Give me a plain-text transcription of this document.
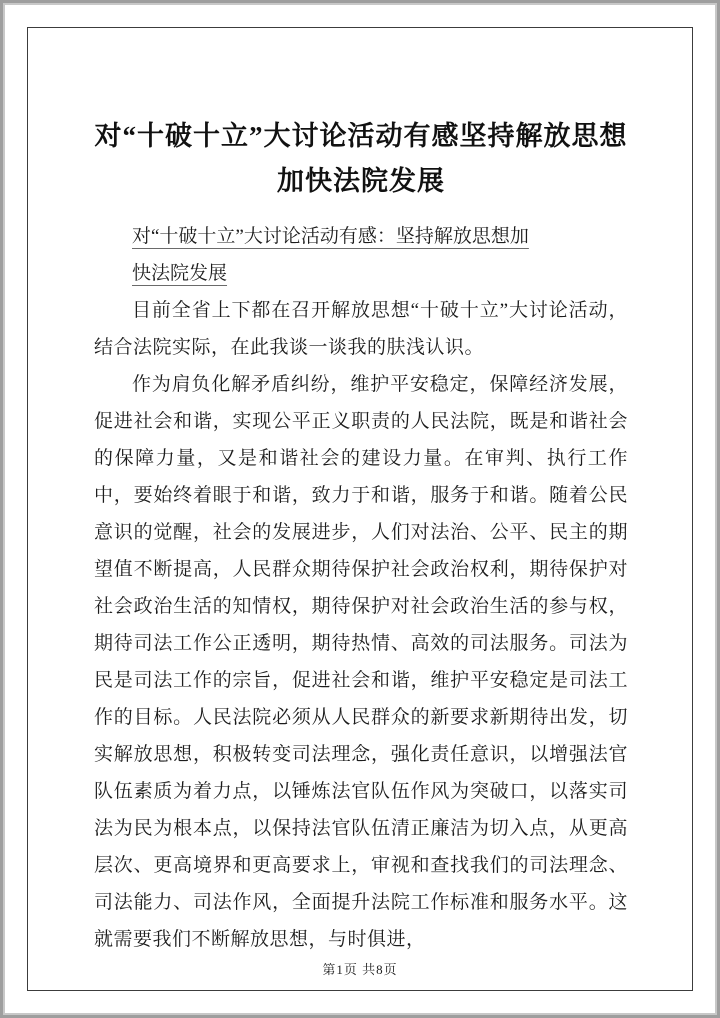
对“十破十立”大讨论活动有感坚持解放思想
加快法院发展
对“十破十立”大讨论活动有感：坚持解放思想加
快法院发展

目前全省上下都在召开解放思想“十破十立”大讨论活动，结合法院实际，在此我谈一谈我的肤浅认识。

作为肩负化解矛盾纠纷，维护平安稳定，保障经济发展，促进社会和谐，实现公平正义职责的人民法院，既是和谐社会的保障力量，又是和谐社会的建设力量。在审判、执行工作中，要始终着眼于和谐，致力于和谐，服务于和谐。随着公民意识的觉醒，社会的发展进步，人们对法治、公平、民主的期望值不断提高，人民群众期待保护社会政治权利，期待保护对社会政治生活的知情权，期待保护对社会政治生活的参与权，期待司法工作公正透明，期待热情、高效的司法服务。司法为民是司法工作的宗旨，促进社会和谐，维护平安稳定是司法工作的目标。人民法院必须从人民群众的新要求新期待出发，切实解放思想，积极转变司法理念，强化责任意识，以增强法官队伍素质为着力点，以锤炼法官队伍作风为突破口，以落实司法为民为根本点，以保持法官队伍清正廉洁为切入点，从更高层次、更高境界和更高要求上，审视和查找我们的司法理念、司法能力、司法作风，全面提升法院工作标准和服务水平。这就需要我们不断解放思想，与时俱进，

第1页 共8页
